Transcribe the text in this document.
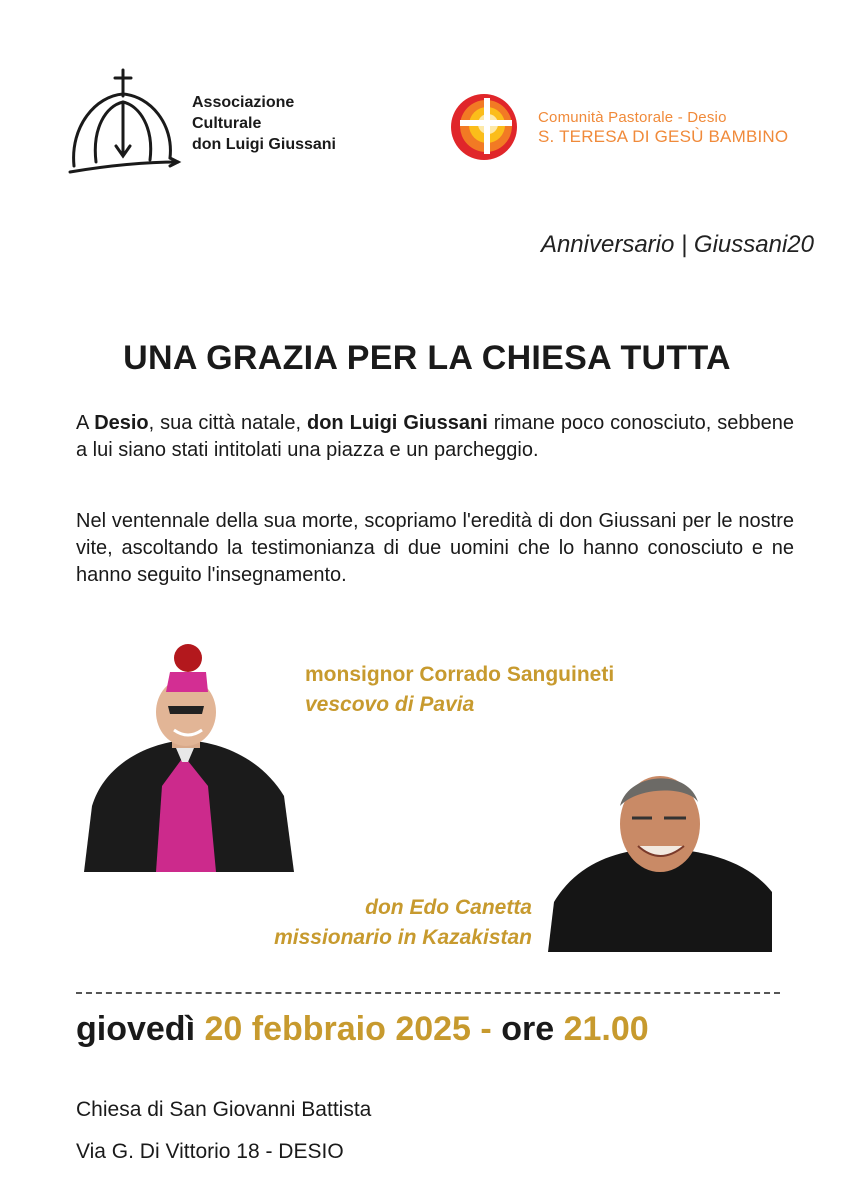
Associazione
Culturale
don Luigi Giussani
Comunità Pastorale - Desio
S. TERESA DI GESÙ BAMBINO
Anniversario | Giussani20
UNA GRAZIA PER LA CHIESA TUTTA
A Desio, sua città natale, don Luigi Giussani rimane poco conosciuto, sebbene a lui siano stati intitolati una piazza e un parcheggio.
Nel ventennale della sua morte, scopriamo l'eredità di don Giussani per le nostre vite, ascoltando la testimonianza di due uomini che lo hanno conosciuto e ne hanno seguito l'insegnamento.
monsignor Corrado Sanguineti
vescovo di Pavia
don Edo Canetta
missionario in Kazakistan
giovedì 20 febbraio 2025 - ore 21.00
Chiesa di San Giovanni Battista
Via G. Di Vittorio 18 - DESIO
